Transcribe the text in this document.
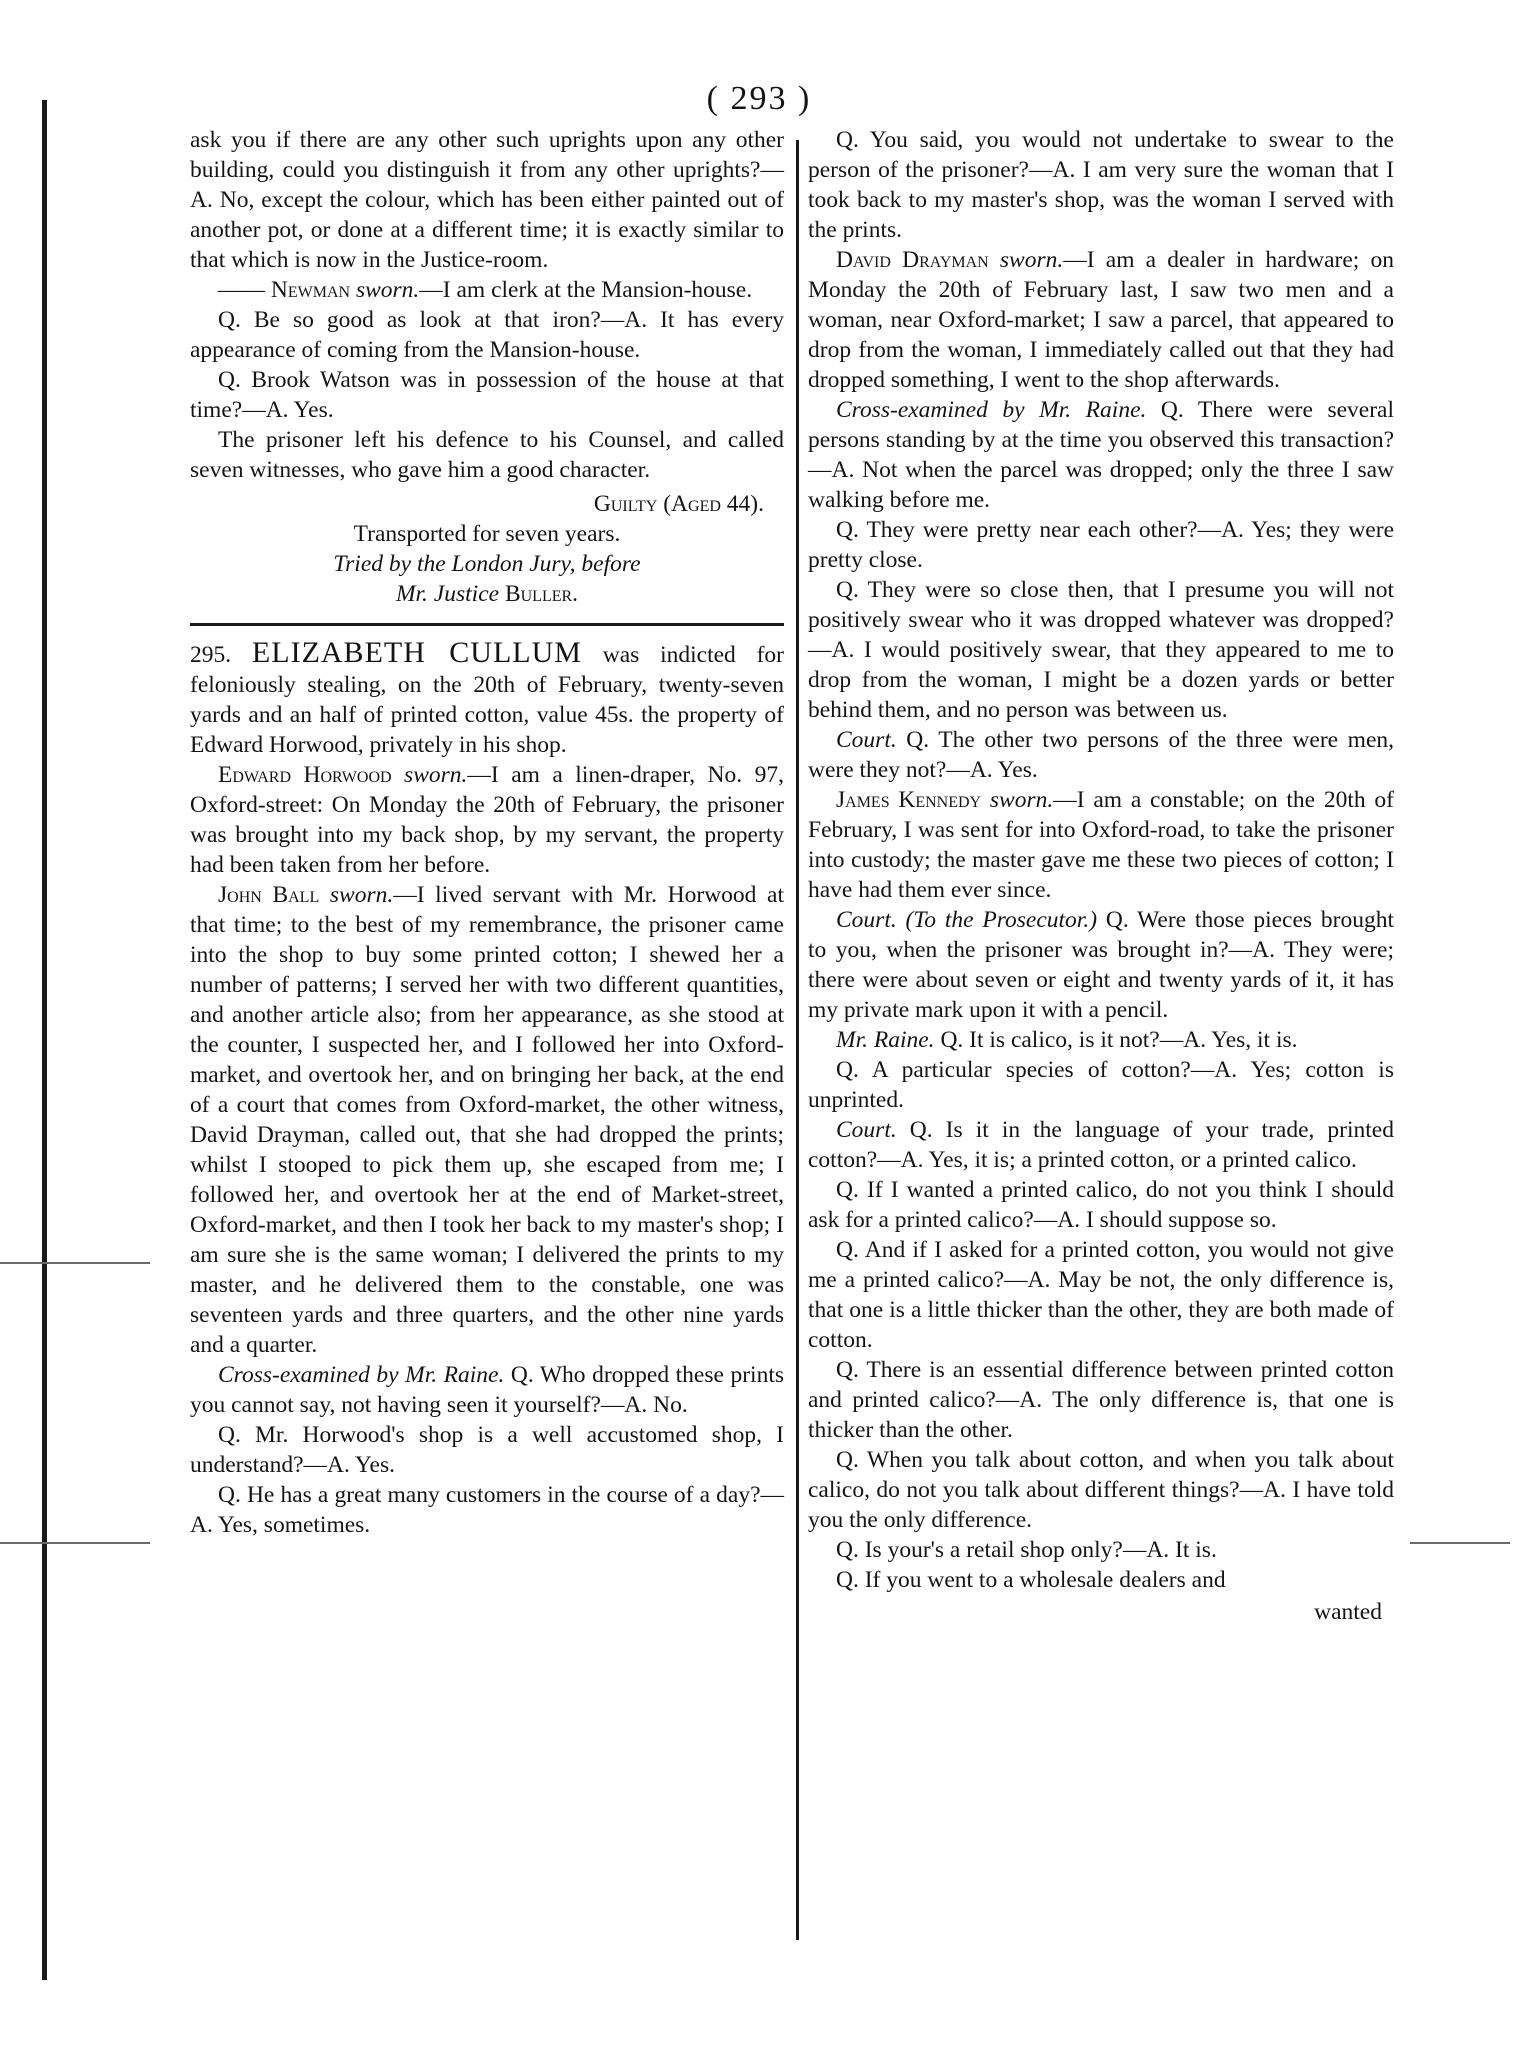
( 293 )

ask you if there are any other such uprights upon any other building, could you distinguish it from any other uprights?—A. No, except the colour, which has been either painted out of another pot, or done at a different time; it is exactly similar to that which is now in the Justice-room.

—— Newman sworn.—I am clerk at the Mansion-house.

Q. Be so good as look at that iron?—A. It has every appearance of coming from the Mansion-house.

Q. Brook Watson was in possession of the house at that time?—A. Yes.

The prisoner left his defence to his Counsel, and called seven witnesses, who gave him a good character.

Guilty (Aged 44).

Transported for seven years.

Tried by the London Jury, before

Mr. Justice Buller.

295. ELIZABETH CULLUM was indicted for feloniously stealing, on the 20th of February, twenty-seven yards and an half of printed cotton, value 45s. the property of Edward Horwood, privately in his shop.

Edward Horwood sworn.—I am a linen-draper, No. 97, Oxford-street: On Monday the 20th of February, the prisoner was brought into my back shop, by my servant, the property had been taken from her before.

John Ball sworn.—I lived servant with Mr. Horwood at that time; to the best of my remembrance, the prisoner came into the shop to buy some printed cotton; I shewed her a number of patterns; I served her with two different quantities, and another article also; from her appearance, as she stood at the counter, I suspected her, and I followed her into Oxford-market, and overtook her, and on bringing her back, at the end of a court that comes from Oxford-market, the other witness, David Drayman, called out, that she had dropped the prints; whilst I stooped to pick them up, she escaped from me; I followed her, and overtook her at the end of Market-street, Oxford-market, and then I took her back to my master's shop; I am sure she is the same woman; I delivered the prints to my master, and he delivered them to the constable, one was seventeen yards and three quarters, and the other nine yards and a quarter.

Cross-examined by Mr. Raine. Q. Who dropped these prints you cannot say, not having seen it yourself?—A. No.

Q. Mr. Horwood's shop is a well accustomed shop, I understand?—A. Yes.

Q. He has a great many customers in the course of a day?—A. Yes, sometimes.

Q. You said, you would not undertake to swear to the person of the prisoner?—A. I am very sure the woman that I took back to my master's shop, was the woman I served with the prints.

David Drayman sworn.—I am a dealer in hardware; on Monday the 20th of February last, I saw two men and a woman, near Oxford-market; I saw a parcel, that appeared to drop from the woman, I immediately called out that they had dropped something, I went to the shop afterwards.

Cross-examined by Mr. Raine. Q. There were several persons standing by at the time you observed this transaction?—A. Not when the parcel was dropped; only the three I saw walking before me.

Q. They were pretty near each other?—A. Yes; they were pretty close.

Q. They were so close then, that I presume you will not positively swear who it was dropped whatever was dropped?—A. I would positively swear, that they appeared to me to drop from the woman, I might be a dozen yards or better behind them, and no person was between us.

Court. Q. The other two persons of the three were men, were they not?—A. Yes.

James Kennedy sworn.—I am a constable; on the 20th of February, I was sent for into Oxford-road, to take the prisoner into custody; the master gave me these two pieces of cotton; I have had them ever since.

Court. (To the Prosecutor.) Q. Were those pieces brought to you, when the prisoner was brought in?—A. They were; there were about seven or eight and twenty yards of it, it has my private mark upon it with a pencil.

Mr. Raine. Q. It is calico, is it not?—A. Yes, it is.

Q. A particular species of cotton?—A. Yes; cotton is unprinted.

Court. Q. Is it in the language of your trade, printed cotton?—A. Yes, it is; a printed cotton, or a printed calico.

Q. If I wanted a printed calico, do not you think I should ask for a printed calico?—A. I should suppose so.

Q. And if I asked for a printed cotton, you would not give me a printed calico?—A. May be not, the only difference is, that one is a little thicker than the other, they are both made of cotton.

Q. There is an essential difference between printed cotton and printed calico?—A. The only difference is, that one is thicker than the other.

Q. When you talk about cotton, and when you talk about calico, do not you talk about different things?—A. I have told you the only difference.

Q. Is your's a retail shop only?—A. It is.

Q. If you went to a wholesale dealers and

wanted
